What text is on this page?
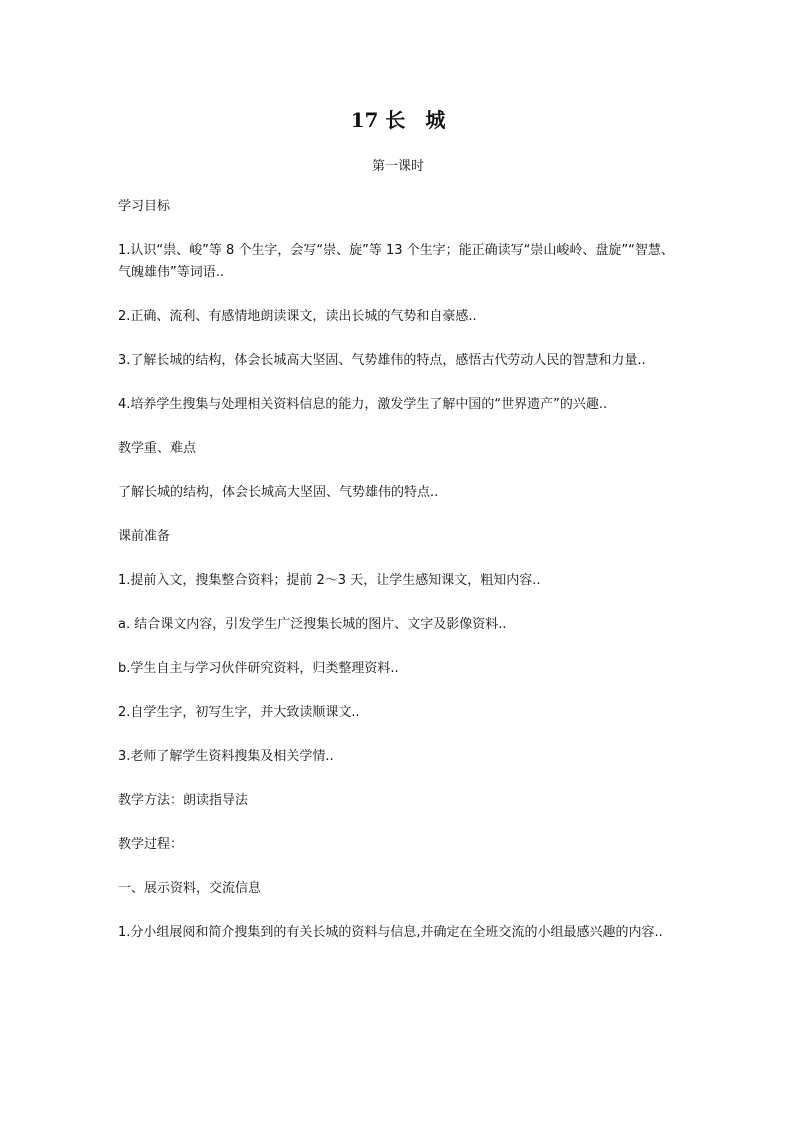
17 长　城

第一课时

学习目标

1.认识“祟、峻”等 8 个生字，会写“崇、旋”等 13 个生字；能正确读写“崇山峻岭、盘旋”“智慧、气魄雄伟”等词语..

2.正确、流利、有感情地朗读课文，读出长城的气势和自豪感..

3.了解长城的结构，体会长城高大坚固、气势雄伟的特点，感悟古代劳动人民的智慧和力量..

4.培养学生搜集与处理相关资料信息的能力，激发学生了解中国的“世界遗产”的兴趣..

教学重、难点

了解长城的结构，体会长城高大坚固、气势雄伟的特点..

课前准备

1.提前入文，搜集整合资料；提前 2～3 天，让学生感知课文，粗知内容..

a. 结合课文内容，引发学生广泛搜集长城的图片、文字及影像资料..

b.学生自主与学习伙伴研究资料，归类整理资料..

2.自学生字，初写生字，并大致读顺课文..

3.老师了解学生资料搜集及相关学情..

教学方法：朗读指导法

教学过程：

一、展示资料，交流信息

1.分小组展阅和简介搜集到的有关长城的资料与信息,并确定在全班交流的小组最感兴趣的内容..
